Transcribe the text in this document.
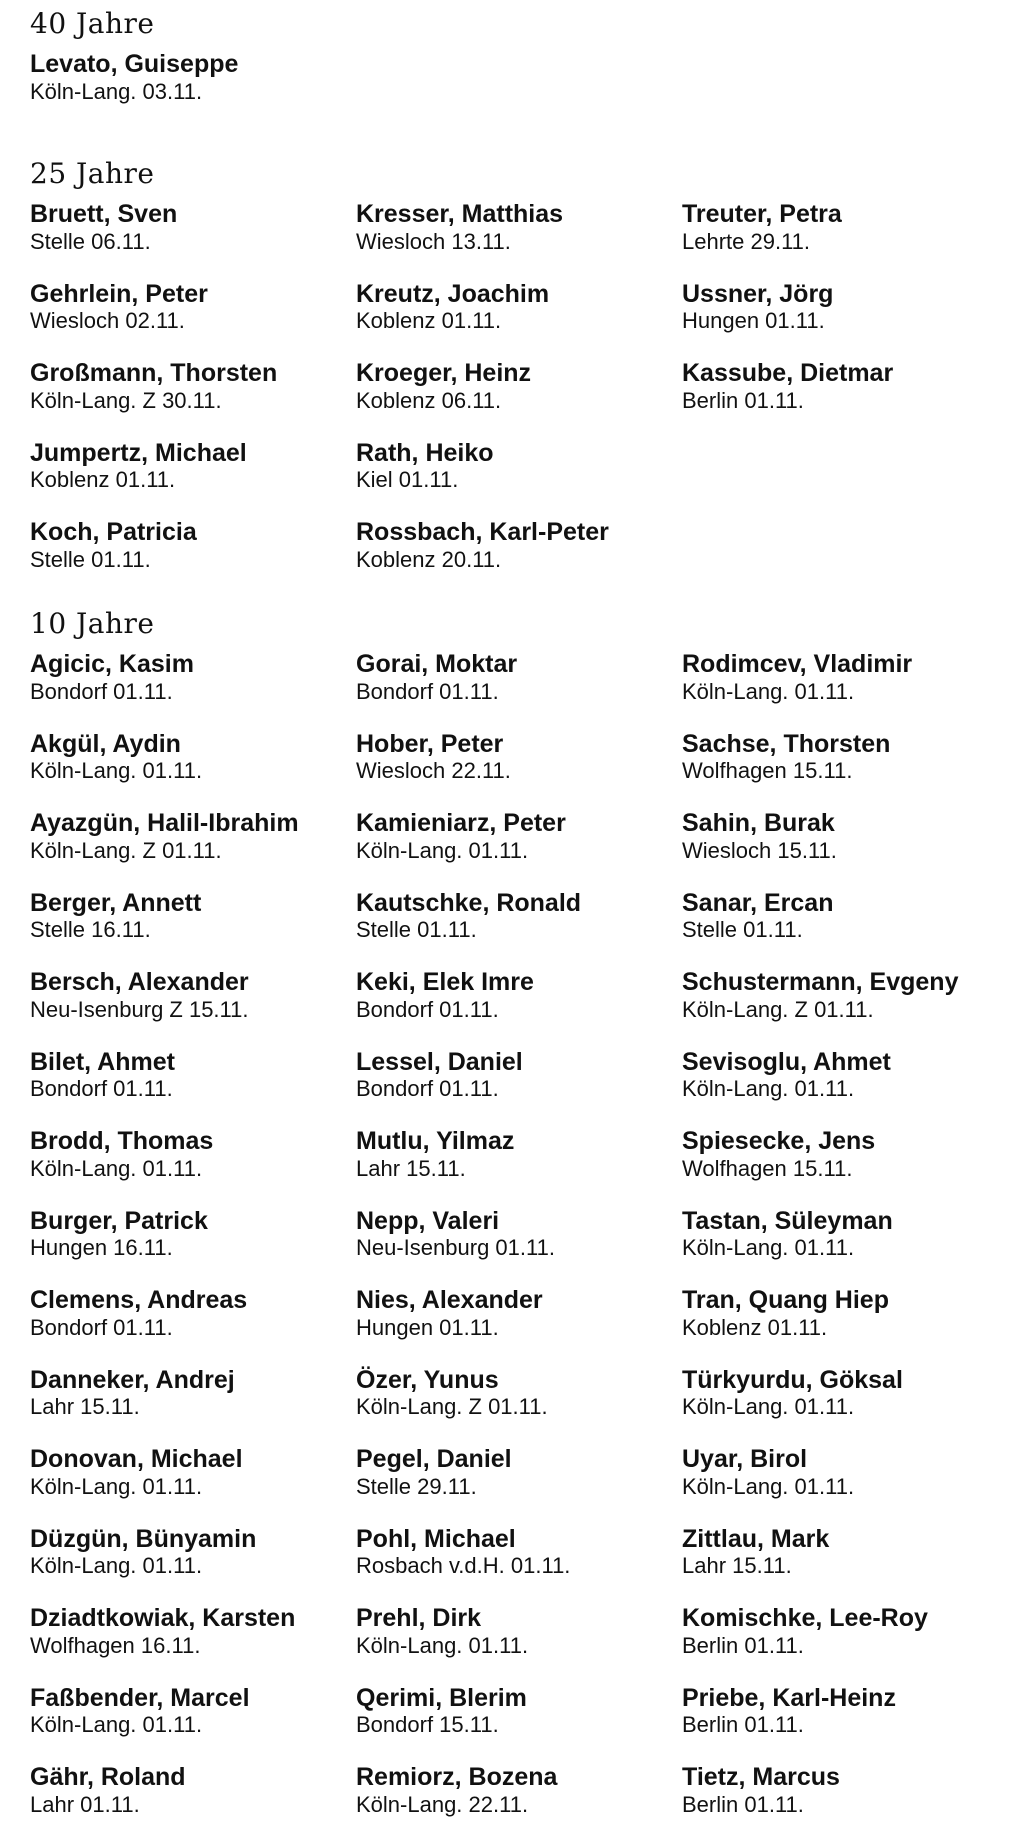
40 Jahre
Levato, Guiseppe
Köln-Lang. 03.11.
25 Jahre
Bruett, Sven
Stelle 06.11.
Gehrlein, Peter
Wiesloch 02.11.
Großmann, Thorsten
Köln-Lang. Z 30.11.
Jumpertz, Michael
Koblenz 01.11.
Koch, Patricia
Stelle 01.11.
Kresser, Matthias
Wiesloch 13.11.
Kreutz, Joachim
Koblenz 01.11.
Kroeger, Heinz
Koblenz 06.11.
Rath, Heiko
Kiel 01.11.
Rossbach, Karl-Peter
Koblenz 20.11.
Treuter, Petra
Lehrte 29.11.
Ussner, Jörg
Hungen 01.11.
Kassube, Dietmar
Berlin 01.11.
10 Jahre
Agicic, Kasim
Bondorf 01.11.
Akgül, Aydin
Köln-Lang. 01.11.
Ayazgün, Halil-Ibrahim
Köln-Lang. Z 01.11.
Berger, Annett
Stelle 16.11.
Bersch, Alexander
Neu-Isenburg Z 15.11.
Bilet, Ahmet
Bondorf 01.11.
Brodd, Thomas
Köln-Lang. 01.11.
Burger, Patrick
Hungen 16.11.
Clemens, Andreas
Bondorf 01.11.
Danneker, Andrej
Lahr 15.11.
Donovan, Michael
Köln-Lang. 01.11.
Düzgün, Bünyamin
Köln-Lang. 01.11.
Dziadtkowiak, Karsten
Wolfhagen 16.11.
Faßbender, Marcel
Köln-Lang. 01.11.
Gähr, Roland
Lahr 01.11.
Gorai, Moktar
Bondorf 01.11.
Hober, Peter
Wiesloch 22.11.
Kamieniarz, Peter
Köln-Lang. 01.11.
Kautschke, Ronald
Stelle 01.11.
Keki, Elek Imre
Bondorf 01.11.
Lessel, Daniel
Bondorf 01.11.
Mutlu, Yilmaz
Lahr 15.11.
Nepp, Valeri
Neu-Isenburg 01.11.
Nies, Alexander
Hungen 01.11.
Özer, Yunus
Köln-Lang. Z 01.11.
Pegel, Daniel
Stelle 29.11.
Pohl, Michael
Rosbach v.d.H. 01.11.
Prehl, Dirk
Köln-Lang. 01.11.
Qerimi, Blerim
Bondorf 15.11.
Remiorz, Bozena
Köln-Lang. 22.11.
Rodimcev, Vladimir
Köln-Lang. 01.11.
Sachse, Thorsten
Wolfhagen 15.11.
Sahin, Burak
Wiesloch 15.11.
Sanar, Ercan
Stelle 01.11.
Schustermann, Evgeny
Köln-Lang. Z 01.11.
Sevisoglu, Ahmet
Köln-Lang. 01.11.
Spiesecke, Jens
Wolfhagen 15.11.
Tastan, Süleyman
Köln-Lang. 01.11.
Tran, Quang Hiep
Koblenz 01.11.
Türkyurdu, Göksal
Köln-Lang. 01.11.
Uyar, Birol
Köln-Lang. 01.11.
Zittlau, Mark
Lahr 15.11.
Komischke, Lee-Roy
Berlin 01.11.
Priebe, Karl-Heinz
Berlin 01.11.
Tietz, Marcus
Berlin 01.11.
